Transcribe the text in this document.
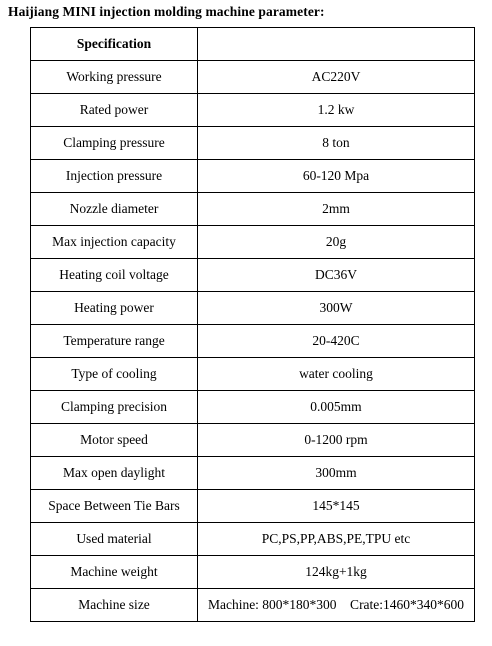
Haijiang MINI injection molding machine parameter:
Specification	
Working pressure	AC220V
Rated power	1.2 kw
Clamping pressure	8 ton
Injection pressure	60-120 Mpa
Nozzle diameter	2mm
Max injection capacity	20g
Heating coil voltage	DC36V
Heating power	300W
Temperature range	20-420C
Type of cooling	water cooling
Clamping precision	0.005mm
Motor speed	0-1200 rpm
Max open daylight	300mm
Space Between Tie Bars	145*145
Used material	PC,PS,PP,ABS,PE,TPU etc
Machine weight	124kg+1kg
Machine size	Machine: 800*180*300    Crate:1460*340*600
